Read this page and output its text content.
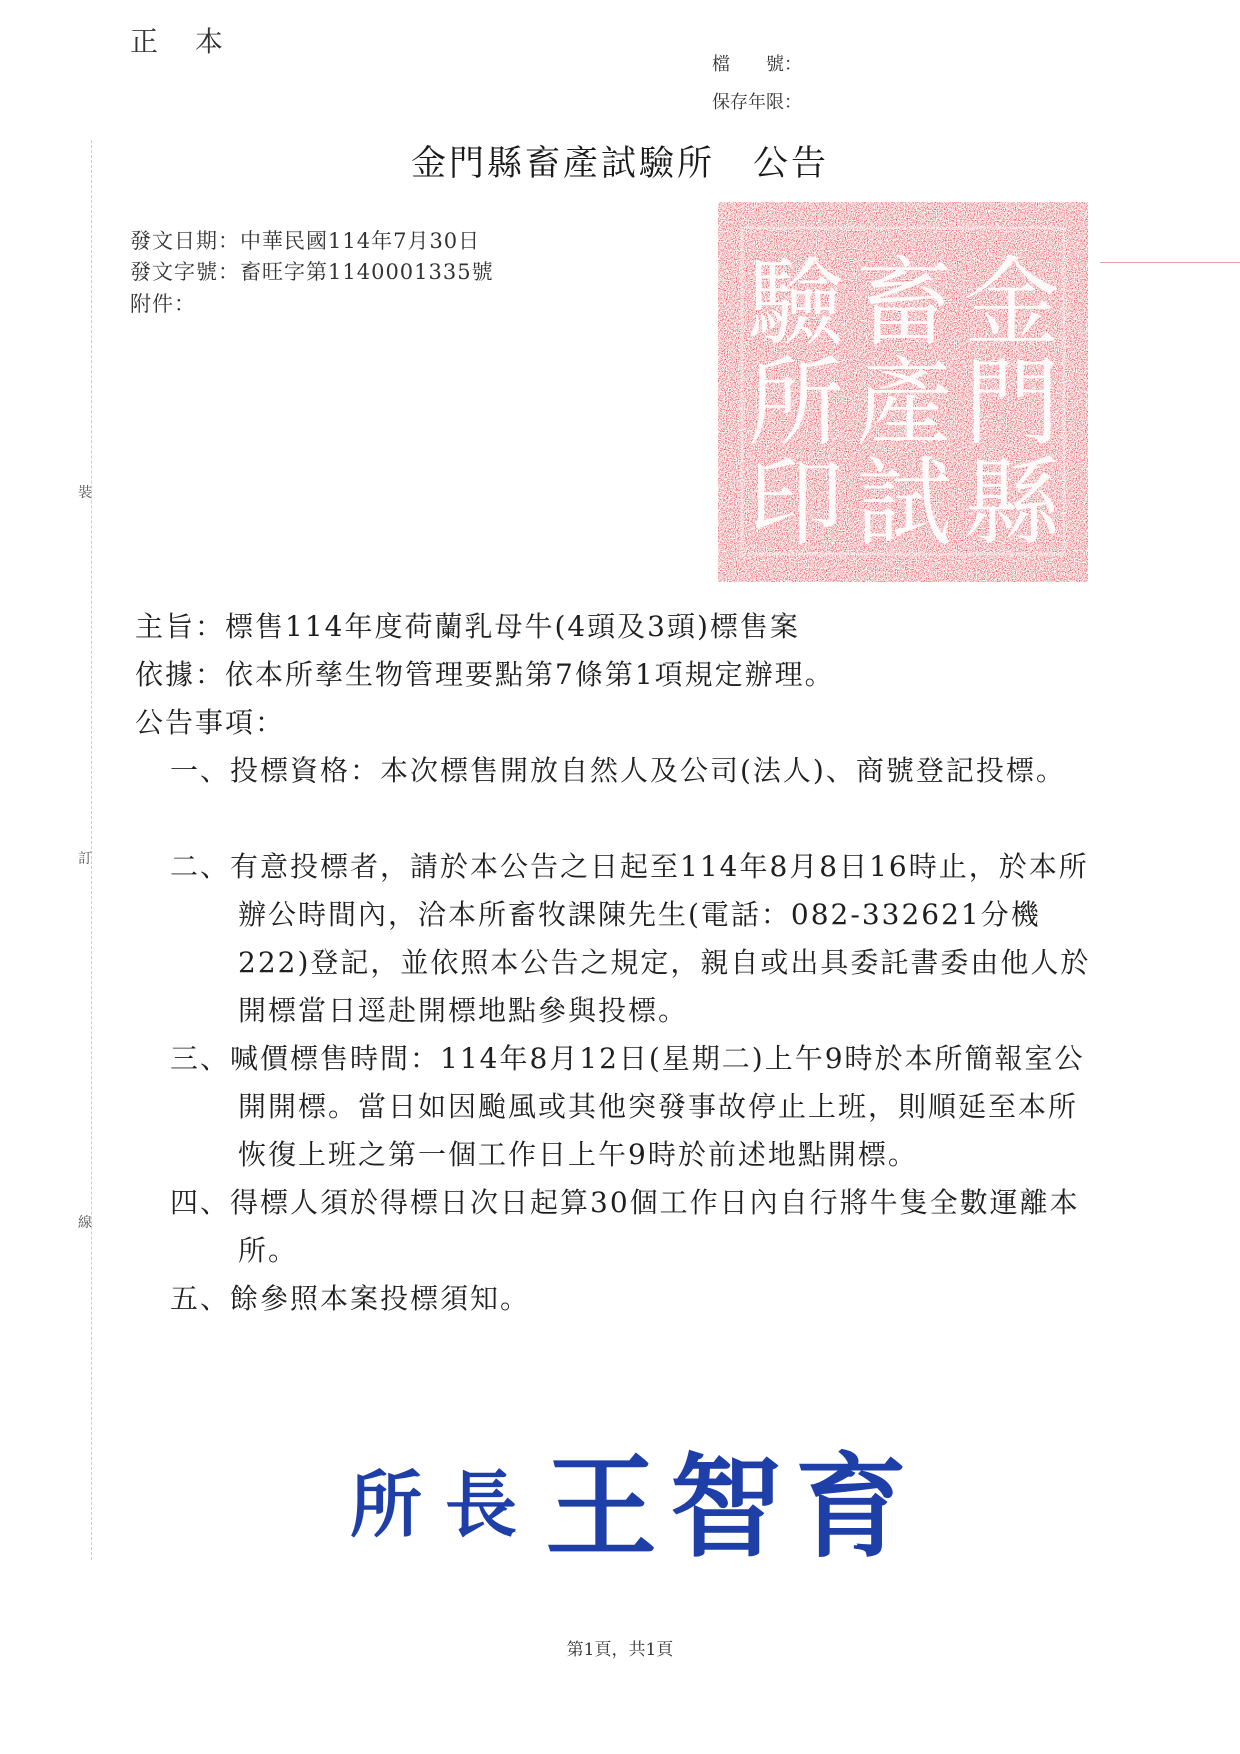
正 本
檔　　號：
保存年限：
金門縣畜產試驗所　公告
發文日期：中華民國114年7月30日
發文字號：畜旺字第1140001335號
附件：
裝
訂
線
金
門
縣
畜
產
試
驗
所
印
主旨：標售114年度荷蘭乳母牛(4頭及3頭)標售案
依據：依本所孳生物管理要點第7條第1項規定辦理。
公告事項：
一、投標資格：本次標售開放自然人及公司(法人)、商號登記投標。
二、有意投標者，請於本公告之日起至114年8月8日16時止，於本所辦公時間內，洽本所畜牧課陳先生(電話：082-332621分機222)登記，並依照本公告之規定，親自或出具委託書委由他人於開標當日逕赴開標地點參與投標。
三、喊價標售時間：114年8月12日(星期二)上午9時於本所簡報室公開開標。當日如因颱風或其他突發事故停止上班，則順延至本所恢復上班之第一個工作日上午9時於前述地點開標。
四、得標人須於得標日次日起算30個工作日內自行將牛隻全數運離本所。
五、餘參照本案投標須知。
所 長 王 智 育
第1頁，共1頁
